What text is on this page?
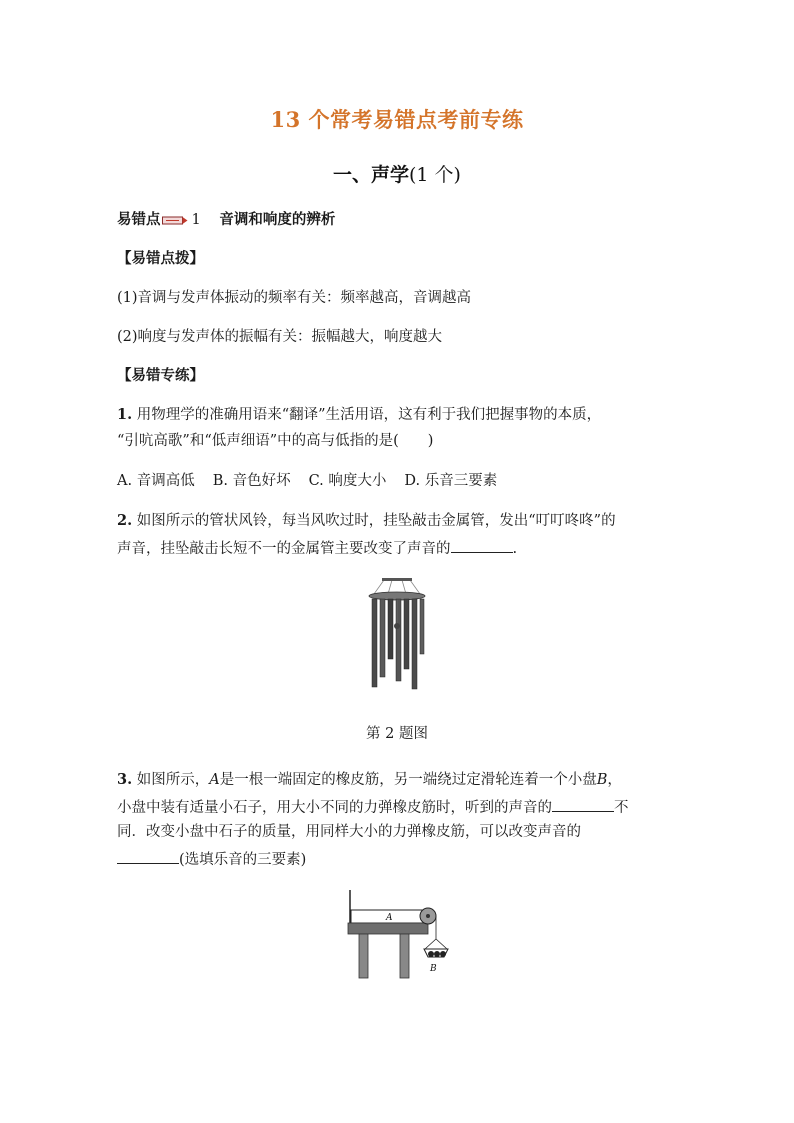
13 个常考易错点考前专练
一、声学(1 个)
易错点 1 音调和响度的辨析
【易错点拨】
(1)音调与发声体振动的频率有关：频率越高，音调越高
(2)响度与发声体的振幅有关：振幅越大，响度越大
【易错专练】
1. 用物理学的准确用语来“翻译”生活用语，这有利于我们把握事物的本质，
“引吭高歌”和“低声细语”中的高与低指的是(　　)
A. 音调高低 B. 音色好坏 C. 响度大小 D. 乐音三要素
2. 如图所示的管状风铃，每当风吹过时，挂坠敲击金属管，发出“叮叮咚咚”的
声音，挂坠敲击长短不一的金属管主要改变了声音的	.
第 2 题图
3. 如图所示，A是一根一端固定的橡皮筋，另一端绕过定滑轮连着一个小盘B，
小盘中装有适量小石子，用大小不同的力弹橡皮筋时，听到的声音的	不
同．改变小盘中石子的质量，用同样大小的力弹橡皮筋，可以改变声音的
(选填乐音的三要素)
A
B
